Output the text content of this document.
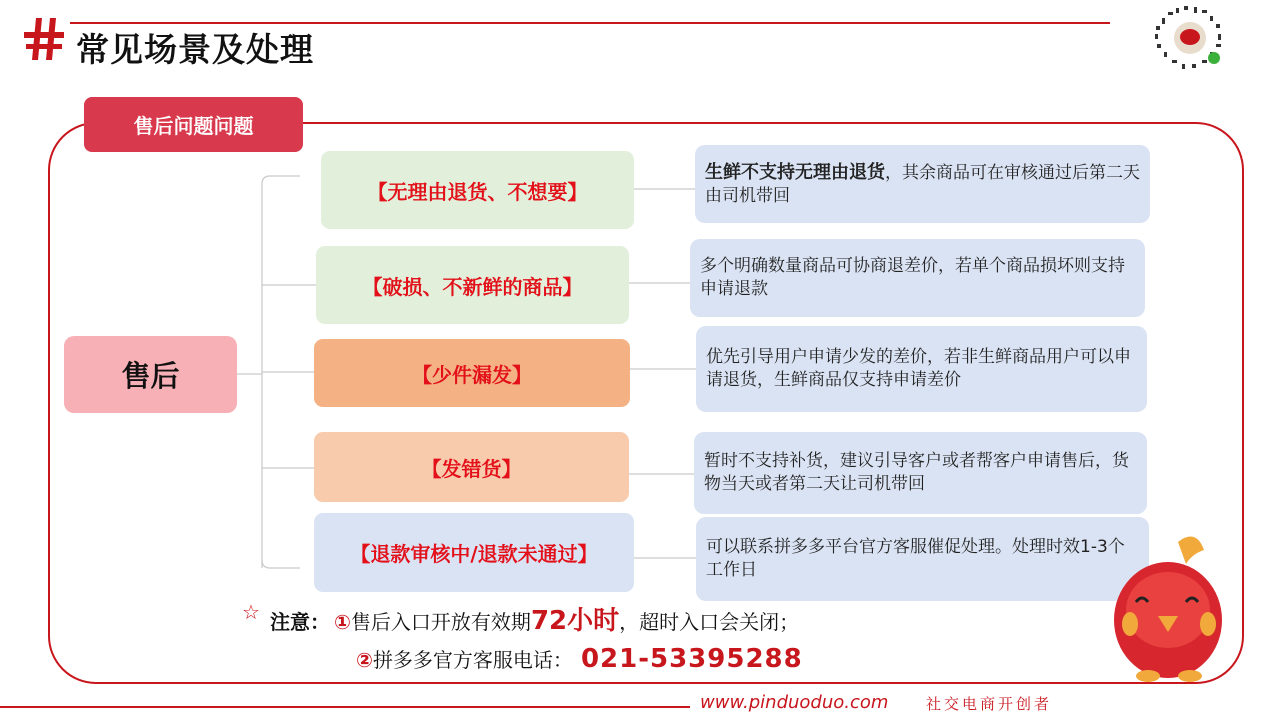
常见场景及处理
售后问题问题
售后
【无理由退货、不想要】
【破损、不新鲜的商品】
【少件漏发】
【发错货】
【退款审核中/退款未通过】
生鲜不支持无理由退货，其余商品可在审核通过后第二天由司机带回
多个明确数量商品可协商退差价，若单个商品损坏则支持申请退款
优先引导用户申请少发的差价，若非生鲜商品用户可以申请退货，生鲜商品仅支持申请差价
暂时不支持补货，建议引导客户或者帮客户申请售后，货物当天或者第二天让司机带回
可以联系拼多多平台官方客服催促处理。处理时效1-3个工作日
☆ 注意： ① 售后入口开放有效期 72小时 ，超时入口会关闭；
② 拼多多官方客服电话： 021-53395288
www.pinduoduo.com	社交电商开创者
